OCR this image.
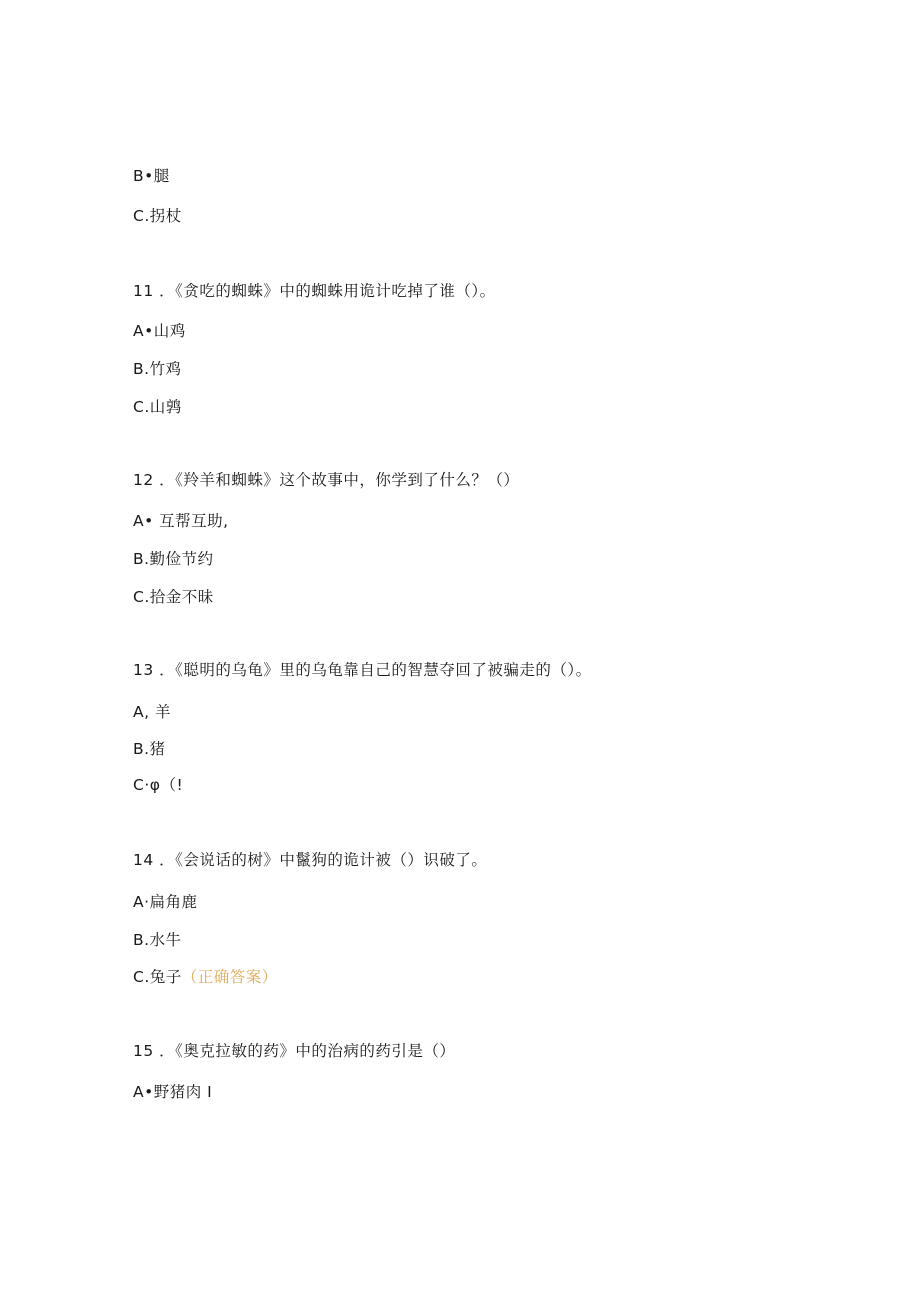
B•腿
C.拐杖
11 ．《贪吃的蜘蛛》中的蜘蛛用诡计吃掉了谁（）。
A•山鸡
B.竹鸡
C.山鹑
12 ．《羚羊和蜘蛛》这个故事中，你学到了什么？（）
A• 互帮互助,
B.勤俭节约
C.拾金不昧
13 ．《聪明的乌龟》里的乌龟靠自己的智慧夺回了被骗走的（）。
A, 羊
B.猪
C·φ（!
14 ．《会说话的树》中鬣狗的诡计被（）识破了。
A·扁角鹿
B.水牛
C.兔子（正确答案）
15 ．《奥克拉敏的药》中的治病的药引是（）
A•野猪肉 I
